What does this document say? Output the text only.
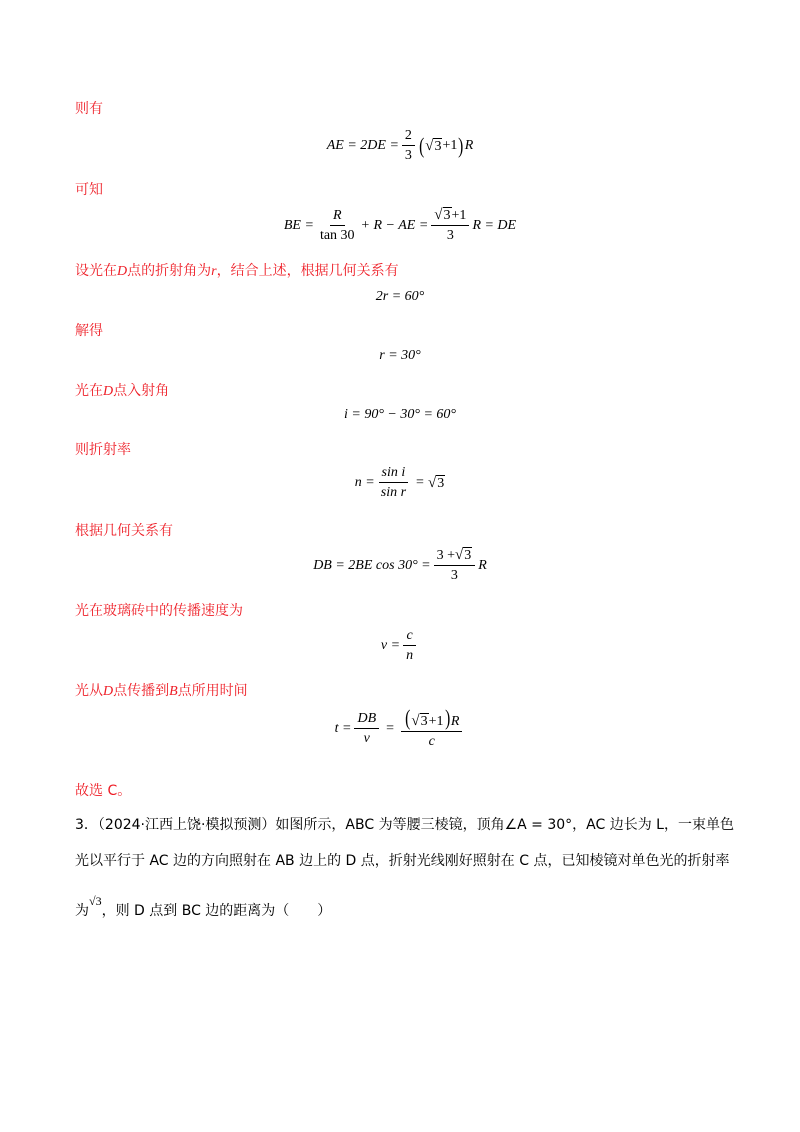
则有
AE = $2DE = \frac{2}{3}$ ( √ 3 +1 ) R
可知
BE = $\frac{R}{\tan 30} + R$ − AE = $\frac{√ 3 +1}{3}$ R = DE
设光在D点的折射角为r，结合上述，根据几何关系有
2r = 60°
解得
r = 30°
光在D点入射角
i = 90° − 30° = 60°
则折射率
$n = \frac{\text{sin i}}{\text{sin r}}$ = √ 3
根据几何关系有
DB = 2BE $\cos 30^\circ = \frac{3 + √ 3}{3}$ R
光在玻璃砖中的传播速度为
$v = \frac{c}{n}$
光从D点传播到B点所用时间
$t = \frac{DB}{v} = \frac{( √ 3 +1)R}{c}$
故选 C。
3．（2024·江西上饶·模拟预测）如图所示，ABC 为等腰三棱镜，顶角∠A = 30°，AC 边长为 L，一束单色
光以平行于 AC 边的方向照射在 AB 边上的 D 点，折射光线刚好照射在 C 点，已知棱镜对单色光的折射率
为√3，则 D 点到 BC 边的距离为（　　）
